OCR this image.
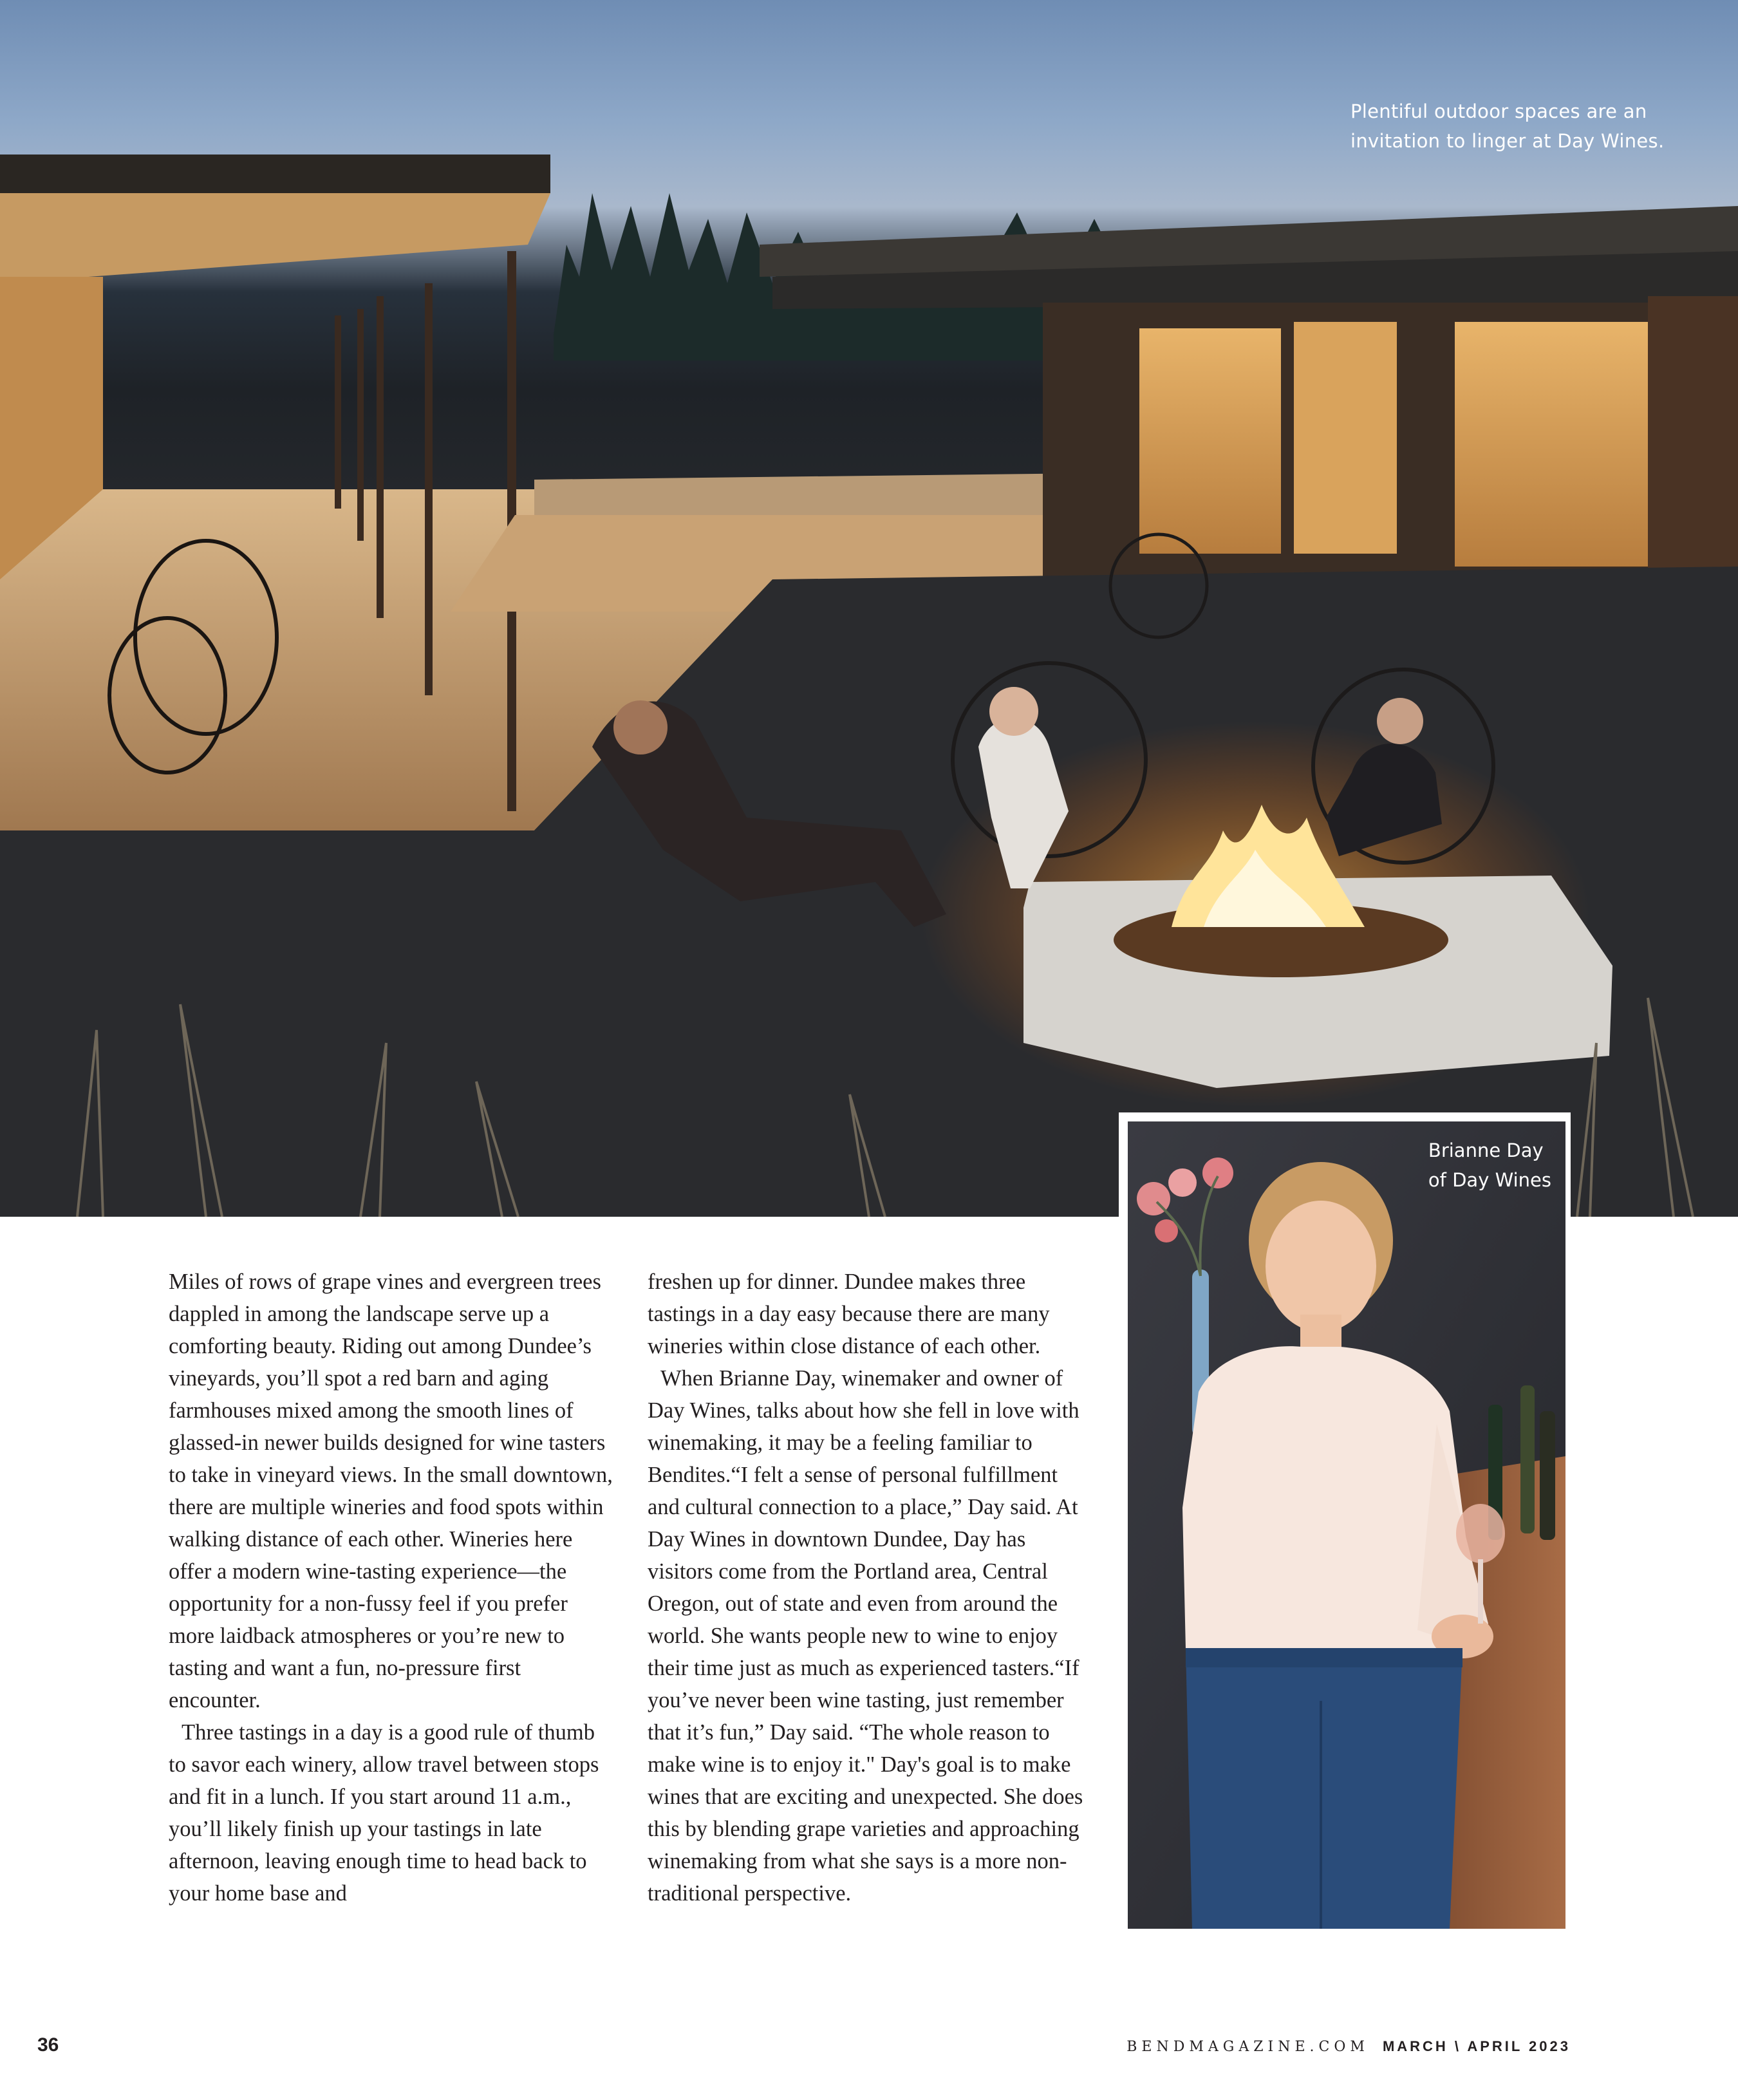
Plentiful outdoor spaces are an invitation to linger at Day Wines.
Brianne Day
of Day Wines

Miles of rows of grape vines and evergreen trees dappled in among the landscape serve up a comforting beauty. Riding out among Dundee’s vineyards, you’ll spot a red barn and aging farmhouses mixed among the smooth lines of glassed-in newer builds designed for wine tasters to take in vineyard views. In the small downtown, there are multiple wineries and food spots within walking distance of each other. Wineries here offer a modern wine-tasting experience—the opportunity for a non-fussy feel if you prefer more laidback atmospheres or you’re new to tasting and want a fun, no-pressure first encounter.

Three tastings in a day is a good rule of thumb to savor each winery, allow travel between stops and fit in a lunch. If you start around 11 a.m., you’ll likely finish up your tastings in late afternoon, leaving enough time to head back to your home base and

freshen up for dinner. Dundee makes three tastings in a day easy because there are many wineries within close distance of each other.

When Brianne Day, winemaker and owner of Day Wines, talks about how she fell in love with winemaking, it may be a feeling familiar to Bendites.“I felt a sense of personal fulfillment and cultural connection to a place,” Day said. At Day Wines in downtown Dundee, Day has visitors come from the Portland area, Central Oregon, out of state and even from around the world. She wants people new to wine to enjoy their time just as much as experienced tasters.“If you’ve never been wine tasting, just remember that it’s fun,” Day said. “The whole reason to make wine is to enjoy it." Day's goal is to make wines that are exciting and unexpected. She does this by blending grape varieties and approaching winemaking from what she says is a more non-traditional perspective.

36	BENDMAGAZINE.COM MARCH \ APRIL 2023
